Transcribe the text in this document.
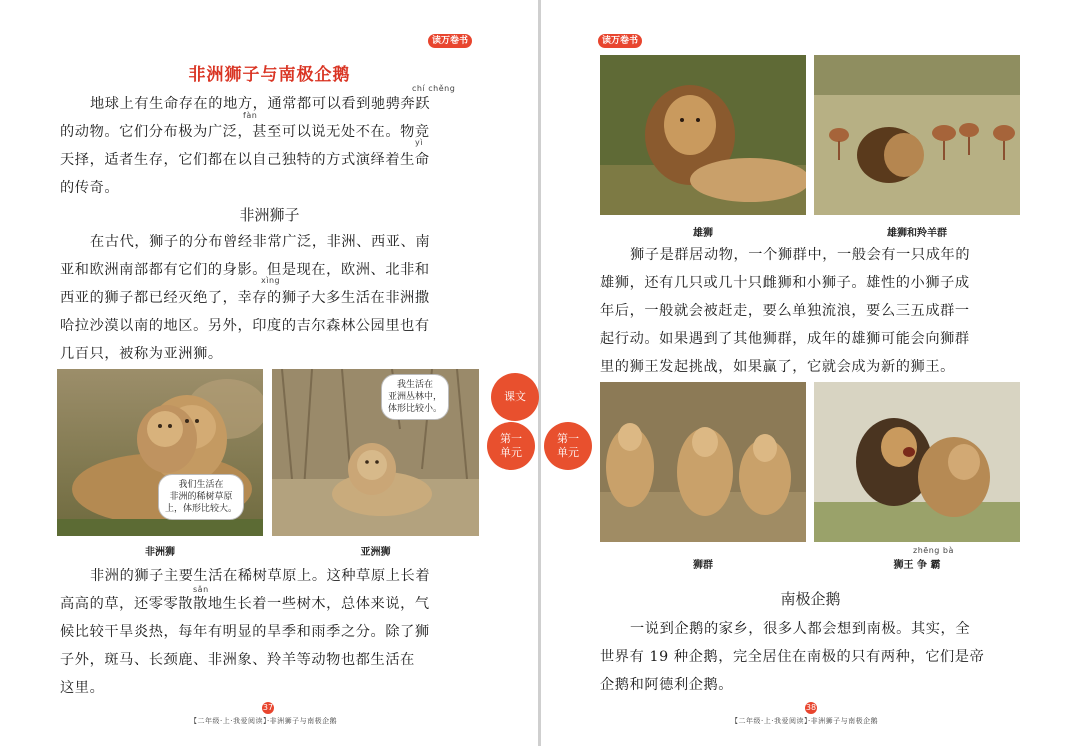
读万卷书
非洲狮子与南极企鹅
chí chěng
fàn
yì
地球上有生命存在的地方，通常都可以看到驰骋奔跃
的动物。它们分布极为广泛，甚至可以说无处不在。物竞
天择，适者生存，它们都在以自己独特的方式演绎着生命
的传奇。
非洲狮子
xìng
在古代，狮子的分布曾经非常广泛，非洲、西亚、南
亚和欧洲南部都有它们的身影。但是现在，欧洲、北非和
西亚的狮子都已经灭绝了，幸存的狮子大多生活在非洲撒
哈拉沙漠以南的地区。另外，印度的吉尔森林公园里也有
几百只，被称为亚洲狮。
我们生活在
非洲的稀树草原
上，体形比较大。
非洲狮
我生活在
亚洲丛林中，
体形比较小。
亚洲狮
sǎn
非洲的狮子主要生活在稀树草原上。这种草原上长着
高高的草，还零零散散地生长着一些树木，总体来说，气
候比较干旱炎热，每年有明显的旱季和雨季之分。除了狮
子外，斑马、长颈鹿、非洲象、羚羊等动物也都生活在
这里。
37
【二年级·上·我爱阅读】·非洲狮子与南极企鹅
读万卷书
雄狮	雄狮和羚羊群
狮子是群居动物，一个狮群中，一般会有一只成年的
雄狮，还有几只或几十只雌狮和小狮子。雄性的小狮子成
年后，一般就会被赶走，要么单独流浪，要么三五成群一
起行动。如果遇到了其他狮群，成年的雄狮可能会向狮群
里的狮王发起挑战，如果赢了，它就会成为新的狮王。
狮群
zhēng bà
狮王 争 霸
南极企鹅
一说到企鹅的家乡，很多人都会想到南极。其实，全
世界有 19 种企鹅，完全居住在南极的只有两种，它们是帝
企鹅和阿德利企鹅。
38
【二年级·上·我爱阅读】·非洲狮子与南极企鹅
课文
第一
单元
第一
单元
